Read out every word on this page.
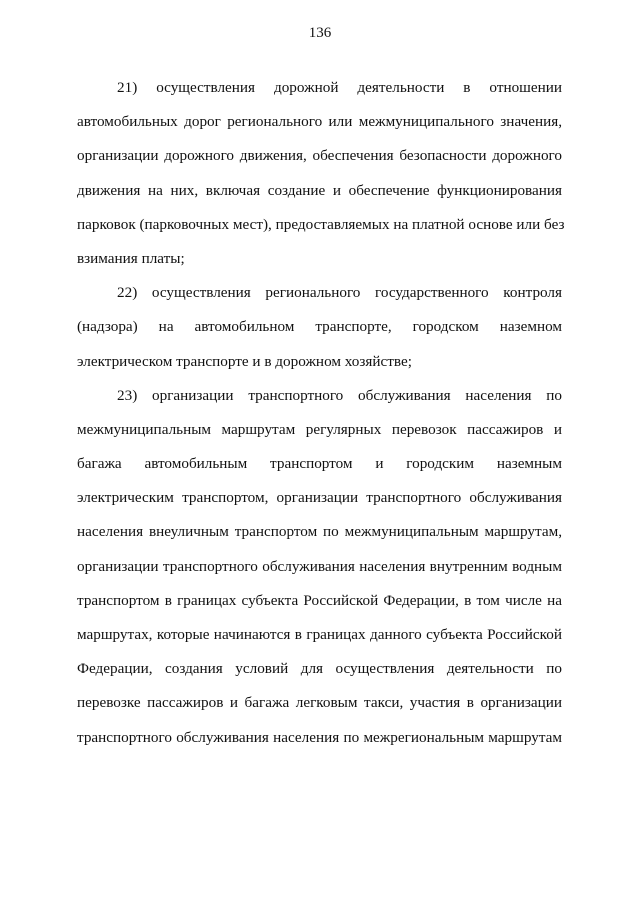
136
21)   осуществления   дорожной   деятельности   в   отношении
автомобильных дорог регионального или межмуниципального значения,
организации дорожного движения, обеспечения безопасности дорожного
движения на них, включая создание и обеспечение функционирования
парковок (парковочных мест), предоставляемых на платной основе или без
взимания платы;
22)   осуществления   регионального   государственного   контроля
(надзора)   на   автомобильном   транспорте,   городском   наземном
электрическом транспорте и в дорожном хозяйстве;
23)   организации   транспортного   обслуживания   населения   по
межмуниципальным маршрутам регулярных перевозок пассажиров и
багажа   автомобильным   транспортом   и   городским   наземным
электрическим транспортом, организации транспортного обслуживания
населения внеуличным транспортом по межмуниципальным маршрутам,
организации транспортного обслуживания населения внутренним водным
транспортом в границах субъекта Российской Федерации, в том числе на
маршрутах, которые начинаются в границах данного субъекта Российской
Федерации,  создания  условий  для  осуществления  деятельности  по
перевозке пассажиров и багажа легковым такси, участия в организации
транспортного обслуживания населения по межрегиональным маршрутам
